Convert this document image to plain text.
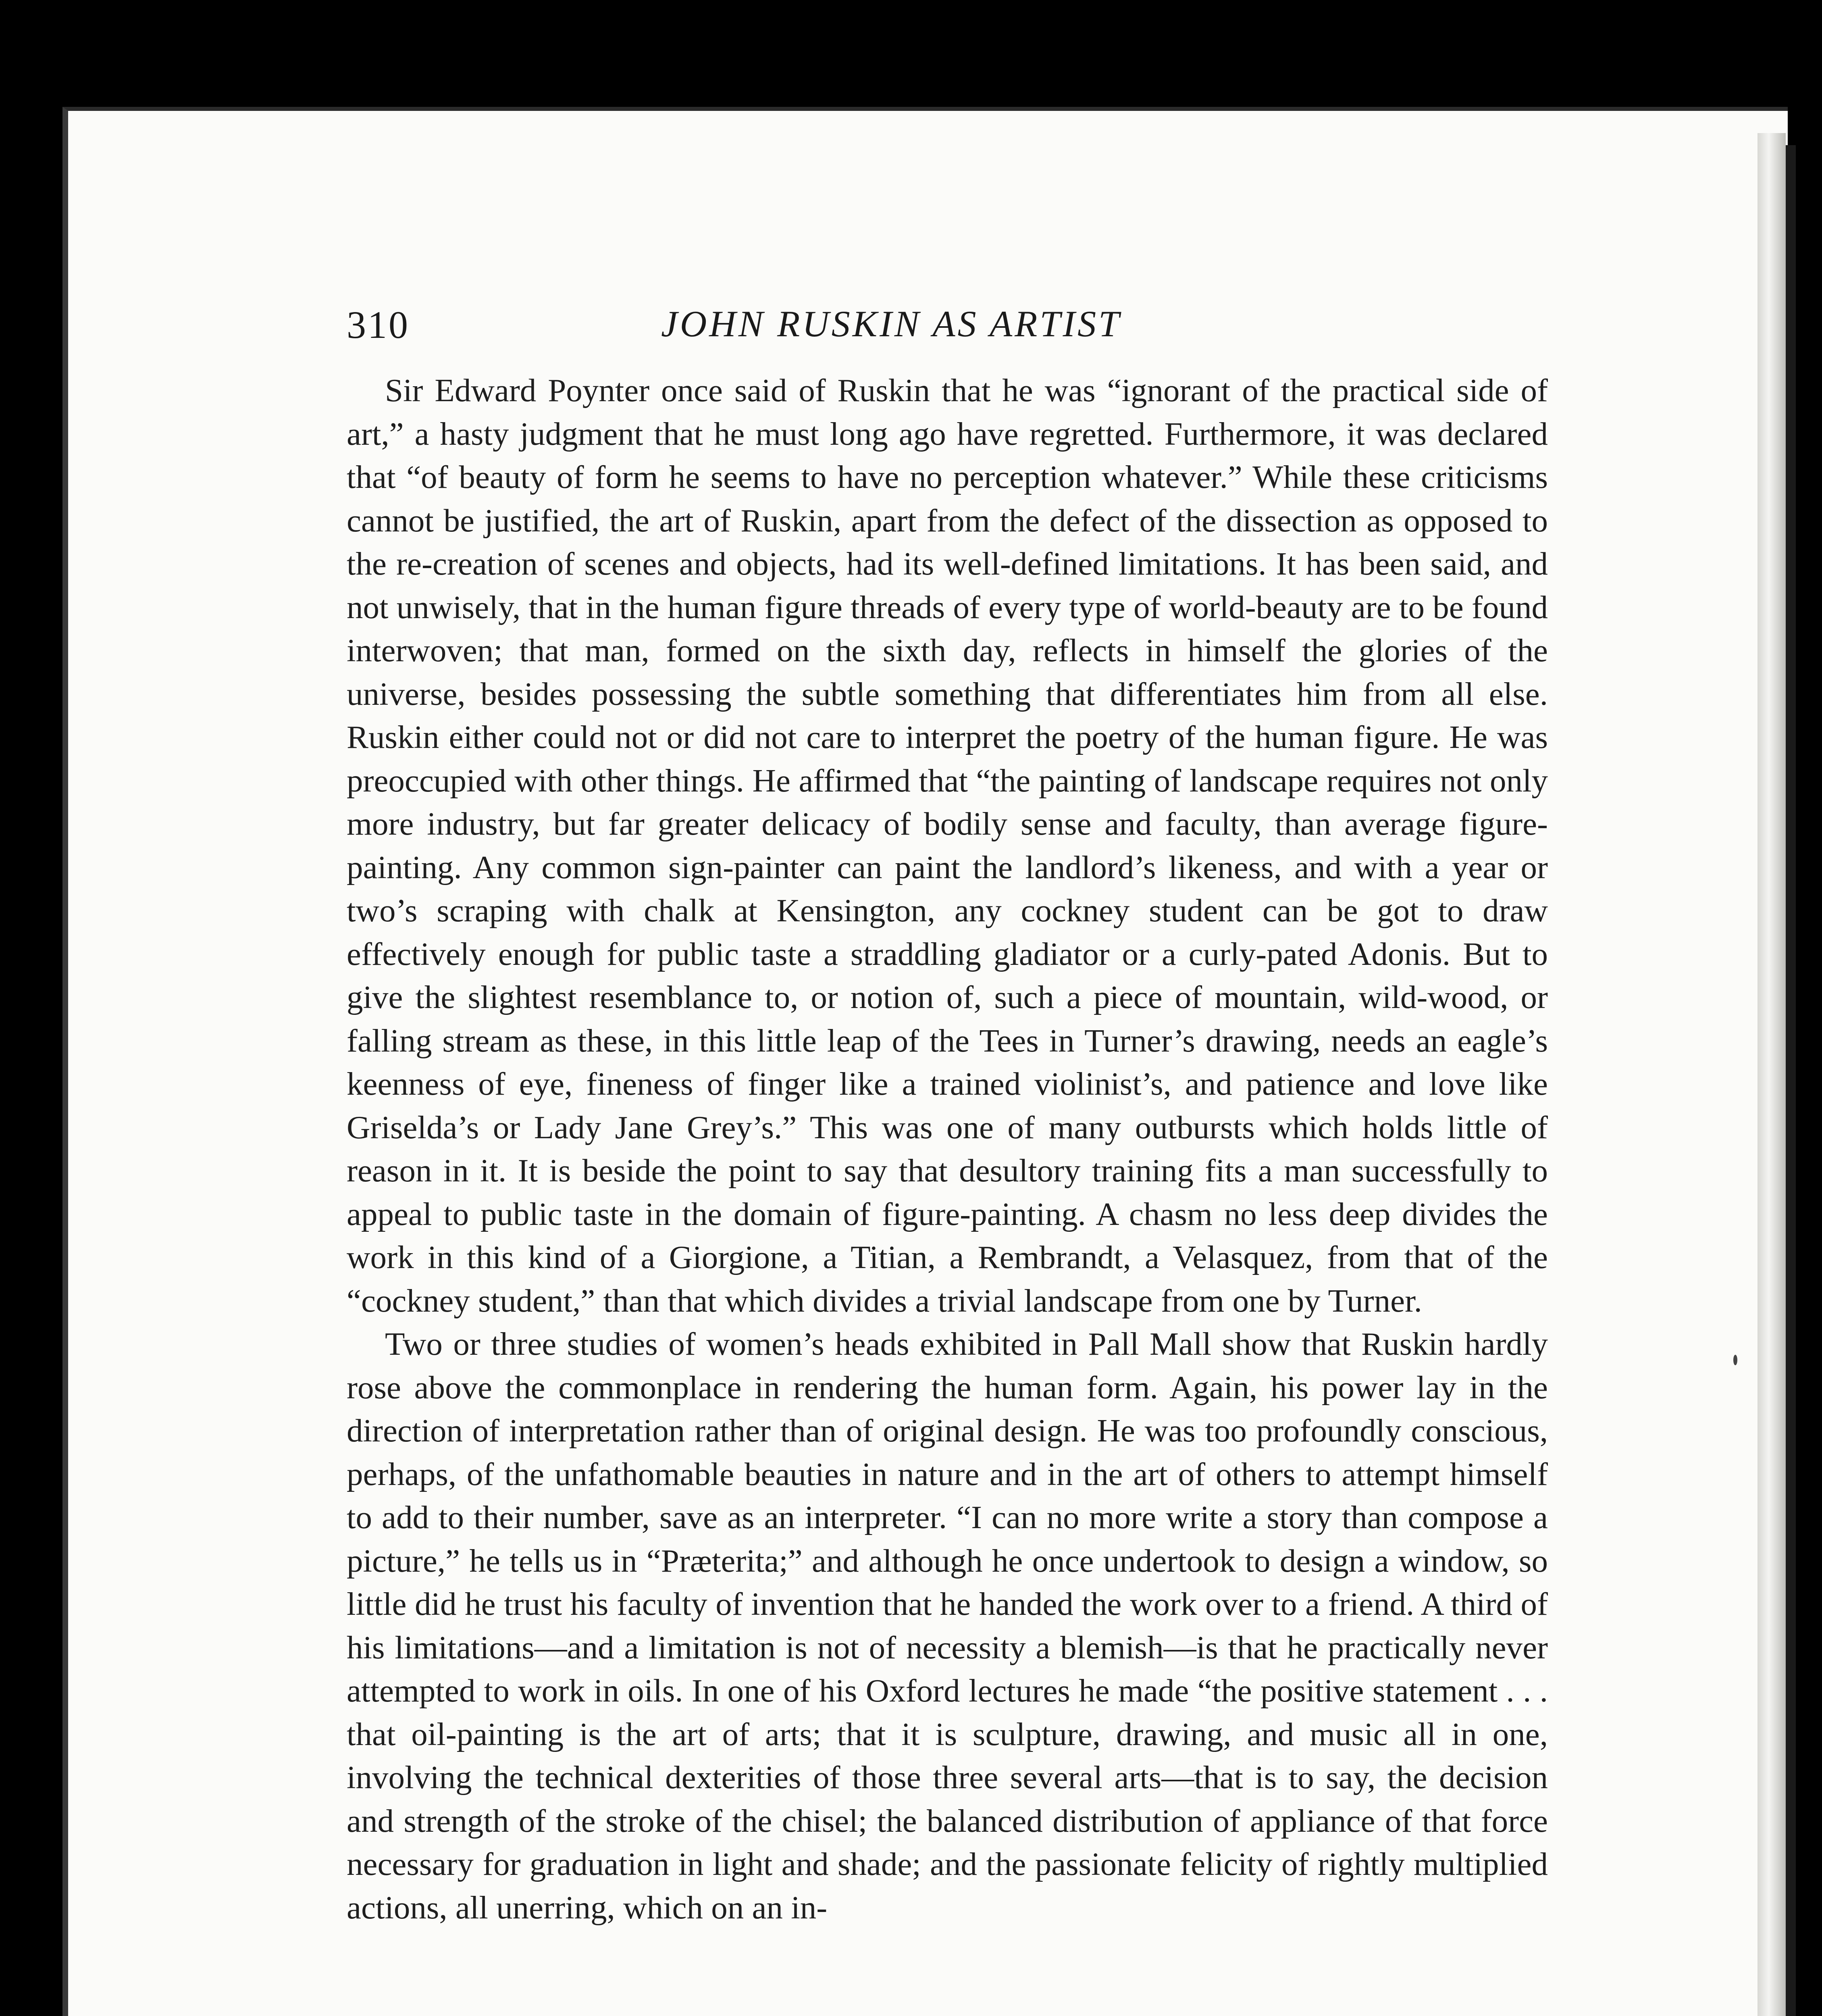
310	JOHN RUSKIN AS ARTIST

Sir Edward Poynter once said of Ruskin that he was “ignorant of the practical side of art,” a hasty judgment that he must long ago have regretted. Furthermore, it was declared that “of beauty of form he seems to have no perception whatever.” While these criticisms cannot be justified, the art of Ruskin, apart from the defect of the dissection as opposed to the re-creation of scenes and objects, had its well-defined limitations. It has been said, and not unwisely, that in the human figure threads of every type of world-beauty are to be found interwoven; that man, formed on the sixth day, reflects in himself the glories of the universe, besides possessing the subtle something that differentiates him from all else. Ruskin either could not or did not care to interpret the poetry of the human figure. He was preoccupied with other things. He affirmed that “the painting of landscape requires not only more industry, but far greater delicacy of bodily sense and faculty, than average figure-painting. Any common sign-painter can paint the landlord’s likeness, and with a year or two’s scraping with chalk at Kensington, any cockney student can be got to draw effectively enough for public taste a straddling gladiator or a curly-pated Adonis. But to give the slightest resemblance to, or notion of, such a piece of mountain, wild-wood, or falling stream as these, in this little leap of the Tees in Turner’s drawing, needs an eagle’s keenness of eye, fineness of finger like a trained violinist’s, and patience and love like Griselda’s or Lady Jane Grey’s.” This was one of many outbursts which holds little of reason in it. It is beside the point to say that desultory training fits a man successfully to appeal to public taste in the domain of figure-painting. A chasm no less deep divides the work in this kind of a Giorgione, a Titian, a Rembrandt, a Velasquez, from that of the “cockney student,” than that which divides a trivial landscape from one by Turner.

Two or three studies of women’s heads exhibited in Pall Mall show that Ruskin hardly rose above the commonplace in rendering the human form. Again, his power lay in the direction of interpretation rather than of original design. He was too profoundly conscious, perhaps, of the unfathomable beauties in nature and in the art of others to attempt himself to add to their number, save as an interpreter. “I can no more write a story than compose a picture,” he tells us in “Præterita;” and although he once undertook to design a window, so little did he trust his faculty of invention that he handed the work over to a friend. A third of his limitations—and a limitation is not of necessity a blemish—is that he practically never attempted to work in oils. In one of his Oxford lectures he made “the positive statement . . . that oil-painting is the art of arts; that it is sculpture, drawing, and music all in one, involving the technical dexterities of those three several arts—that is to say, the decision and strength of the stroke of the chisel; the balanced distribution of appliance of that force necessary for graduation in light and shade; and the passionate felicity of rightly multiplied actions, all unerring, which on an in-
